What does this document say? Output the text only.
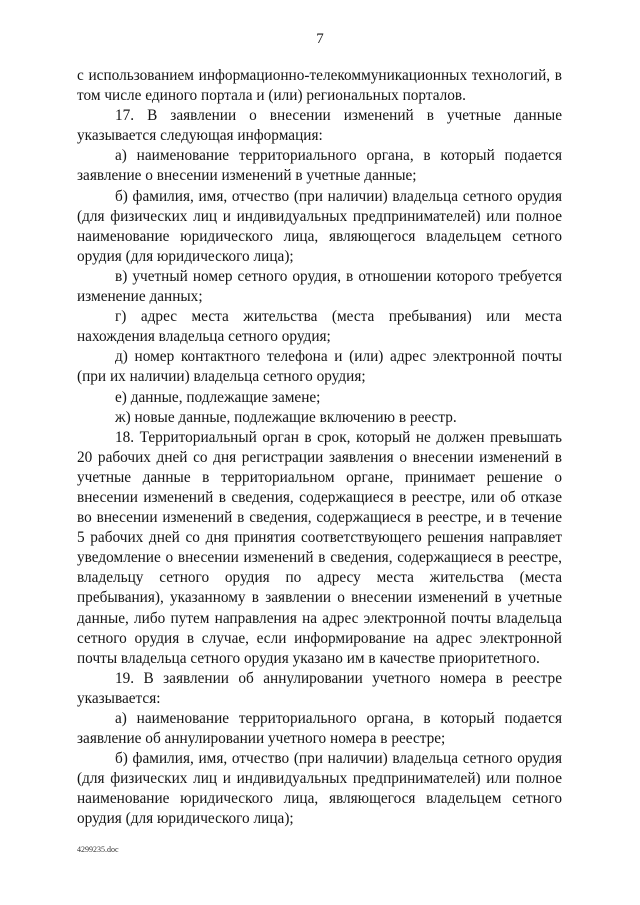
7

с использованием информационно-телекоммуникационных технологий, в том числе единого портала и (или) региональных порталов.

17. В заявлении о внесении изменений в учетные данные указывается следующая информация:

а) наименование территориального органа, в который подается заявление о внесении изменений в учетные данные;

б) фамилия, имя, отчество (при наличии) владельца сетного орудия (для физических лиц и индивидуальных предпринимателей) или полное наименование юридического лица, являющегося владельцем сетного орудия (для юридического лица);

в) учетный номер сетного орудия, в отношении которого требуется изменение данных;

г) адрес места жительства (места пребывания) или места нахождения владельца сетного орудия;

д) номер контактного телефона и (или) адрес электронной почты (при их наличии) владельца сетного орудия;

е) данные, подлежащие замене;

ж) новые данные, подлежащие включению в реестр.

18. Территориальный орган в срок, который не должен превышать 20 рабочих дней со дня регистрации заявления о внесении изменений в учетные данные в территориальном органе, принимает решение о внесении изменений в сведения, содержащиеся в реестре, или об отказе во внесении изменений в сведения, содержащиеся в реестре, и в течение 5 рабочих дней со дня принятия соответствующего решения направляет уведомление о внесении изменений в сведения, содержащиеся в реестре, владельцу сетного орудия по адресу места жительства (места пребывания), указанному в заявлении о внесении изменений в учетные данные, либо путем направления на адрес электронной почты владельца сетного орудия в случае, если информирование на адрес электронной почты владельца сетного орудия указано им в качестве приоритетного.

19. В заявлении об аннулировании учетного номера в реестре указывается:

а) наименование территориального органа, в который подается заявление об аннулировании учетного номера в реестре;

б) фамилия, имя, отчество (при наличии) владельца сетного орудия (для физических лиц и индивидуальных предпринимателей) или полное наименование юридического лица, являющегося владельцем сетного орудия (для юридического лица);

4299235.doc
